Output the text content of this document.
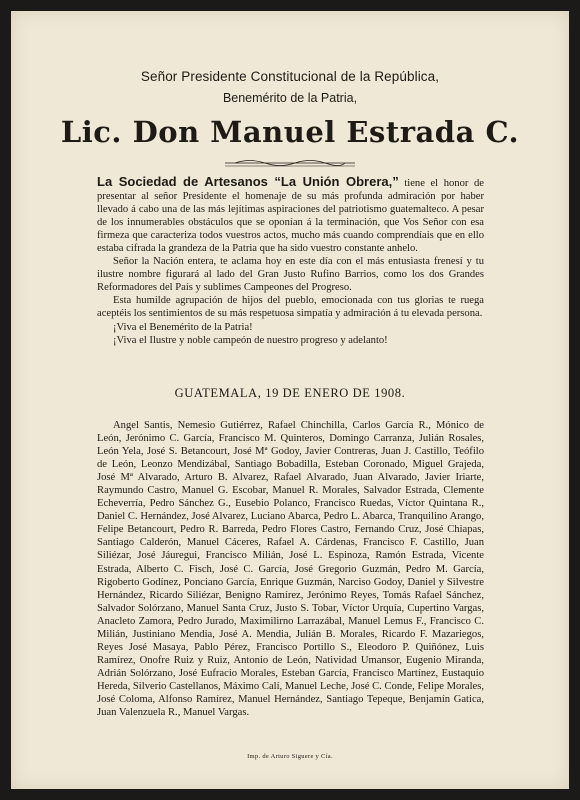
Señor Presidente Constitucional de la República,
Benemérito de la Patria,
Lic. Don Manuel Estrada C.

La Sociedad de Artesanos “La Unión Obrera,” tiene el honor de presentar al señor Presidente el homenaje de su más profunda admiración por haber llevado á cabo una de las más lejítimas aspiraciones del patriotismo guatemalteco. A pesar de los innumerables obstáculos que se oponían á la terminación, que Vos Señor con esa firmeza que caracteriza todos vuestros actos, mucho más cuando comprendíais que en ello estaba cifrada la grandeza de la Patria que ha sido vuestro constante anhelo.

Señor la Nación entera, te aclama hoy en este día con el más entusiasta frenesí y tu ilustre nombre figurará al lado del Gran Justo Rufino Barrios, como los dos Grandes Reformadores del País y sublimes Campeones del Progreso.

Esta humilde agrupación de hijos del pueblo, emocionada con tus glorias te ruega aceptéis los sentimientos de su más respetuosa simpatía y admiración á tu elevada persona.

¡Viva el Benemérito de la Patria!

¡Viva el Ilustre y noble campeón de nuestro progreso y adelanto!

GUATEMALA, 19 DE ENERO DE 1908.

Angel Santis, Nemesio Gutiérrez, Rafael Chinchilla, Carlos García R., Mónico de León, Jerónimo C. García, Francisco M. Quinteros, Domingo Carranza, Julián Rosales, León Yela, José S. Betancourt, José Mª Godoy, Javier Contreras, Juan J. Castillo, Teófilo de León, Leonzo Mendizábal, Santiago Bobadilla, Esteban Coronado, Miguel Grajeda, José Mª Alvarado, Arturo B. Alvarez, Rafael Alvarado, Juan Alvarado, Javier Iriarte, Raymundo Castro, Manuel G. Escobar, Manuel R. Morales, Salvador Estrada, Clemente Echeverría, Pedro Sánchez G., Eusebio Polanco, Francisco Ruedas, Víctor Quintana R., Daniel C. Hernández, José Alvarez, Luciano Abarca, Pedro L. Abarca, Tranquilino Arango, Felipe Betancourt, Pedro R. Barreda, Pedro Flores Castro, Fernando Cruz, José Chiapas, Santiago Calderón, Manuel Cáceres, Rafael A. Cárdenas, Francisco F. Castillo, Juan Siliézar, José Jáuregui, Francisco Milián, José L. Espinoza, Ramón Estrada, Vicente Estrada, Alberto C. Fisch, José C. García, José Gregorio Guzmán, Pedro M. García, Rigoberto Godínez, Ponciano García, Enrique Guzmán, Narciso Godoy, Daniel y Silvestre Hernández, Ricardo Siliézar, Benigno Ramírez, Jerónimo Reyes, Tomás Rafael Sánchez, Salvador Solórzano, Manuel Santa Cruz, Justo S. Tobar, Víctor Urquía, Cupertino Vargas, Anacleto Zamora, Pedro Jurado, Maximilirno Larrazábal, Manuel Lemus F., Francisco C. Milián, Justiniano Mendia, José A. Mendia, Julián B. Morales, Ricardo F. Mazariegos, Reyes José Masaya, Pablo Pérez, Francisco Portillo S., Eleodoro P. Quiñónez, Luis Ramírez, Onofre Ruiz y Ruiz, Antonio de León, Natividad Umansor, Eugenio Miranda, Adrián Solórzano, José Eufracio Morales, Esteban García, Francisco Martínez, Eustaquio Hereda, Silverio Castellanos, Máximo Calí, Manuel Leche, José C. Conde, Felipe Morales, José Coloma, Alfonso Ramírez, Manuel Hernández, Santiago Tepeque, Benjamín Gatica, Juan Valenzuela R., Manuel Vargas.

Imp. de Arturo Siguere y Cía.
